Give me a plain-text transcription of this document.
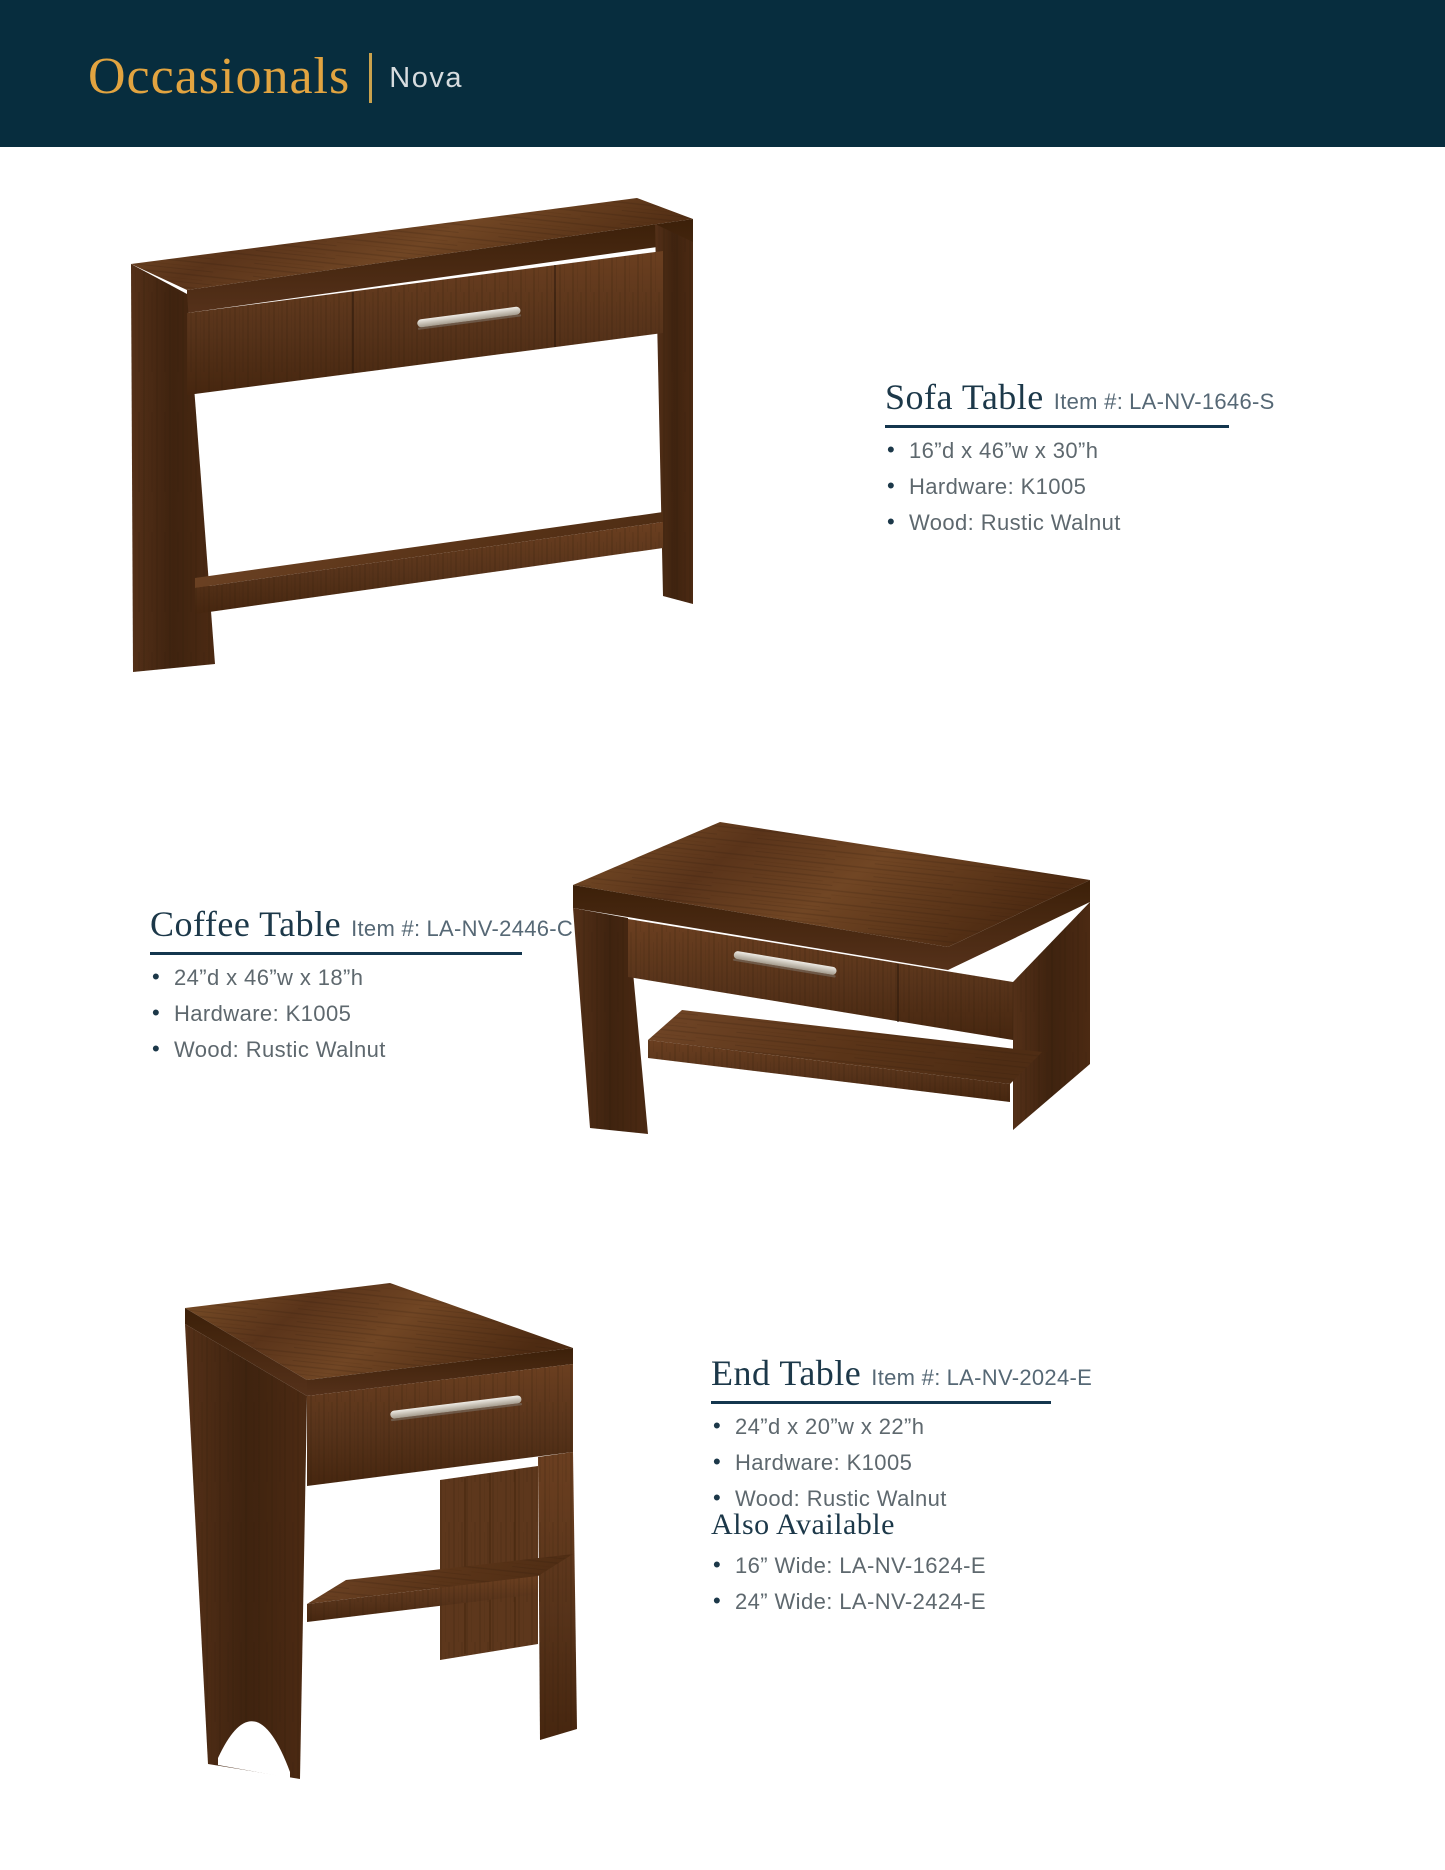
Occasionals Nova
Sofa Table Item #: LA-NV-1646-S
• 16”d x 46”w x 30”h
• Hardware: K1005
• Wood: Rustic Walnut
Coffee Table Item #: LA-NV-2446-C
• 24”d x 46”w x 18”h
• Hardware: K1005
• Wood: Rustic Walnut
End Table Item #: LA-NV-2024-E
• 24”d x 20”w x 22”h
• Hardware: K1005
• Wood: Rustic Walnut
Also Available
• 16” Wide: LA-NV-1624-E
• 24” Wide: LA-NV-2424-E
